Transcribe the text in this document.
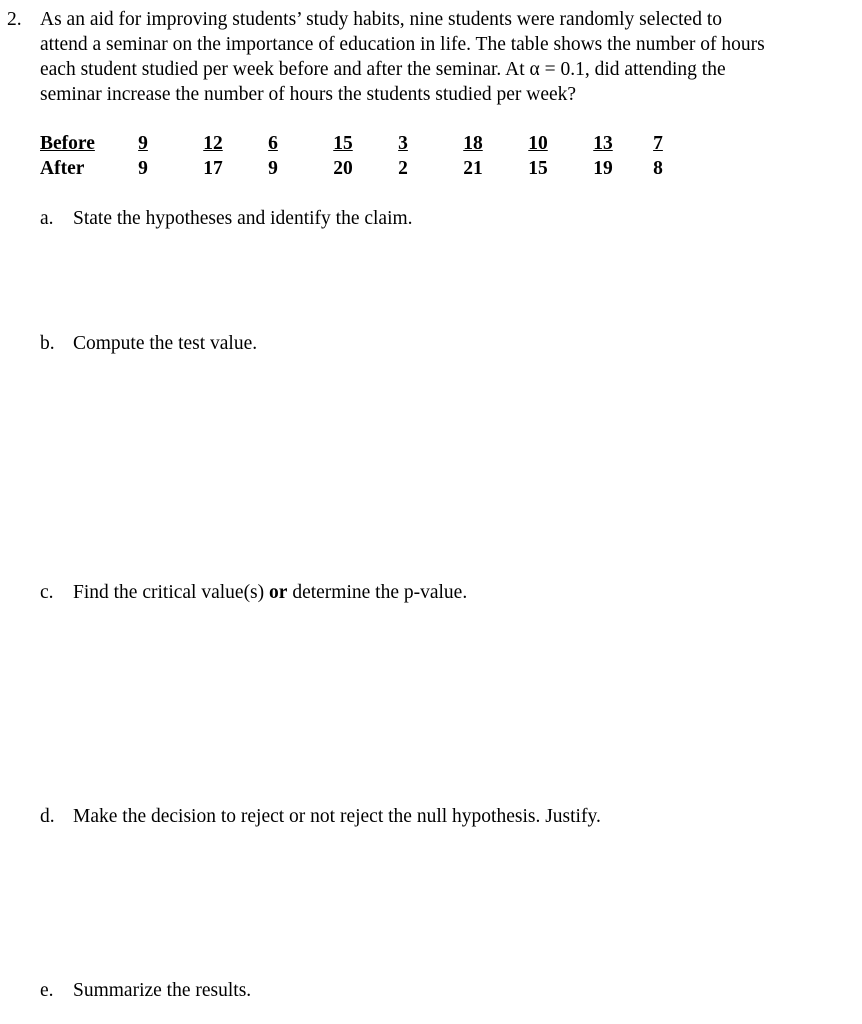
2. As an aid for improving students’ study habits, nine students were randomly selected to
attend a seminar on the importance of education in life. The table shows the number of hours
each student studied per week before and after the seminar. At α = 0.1, did attending the
seminar increase the number of hours the students studied per week?
Before	9	12	6	15	3	18 10 13	7
After	9	17	9	20	2	21 15 19	8
a. State the hypotheses and identify the claim.
b. Compute the test value.
c. Find the critical value(s) or determine the p-value.
d. Make the decision to reject or not reject the null hypothesis. Justify.
e. Summarize the results.
